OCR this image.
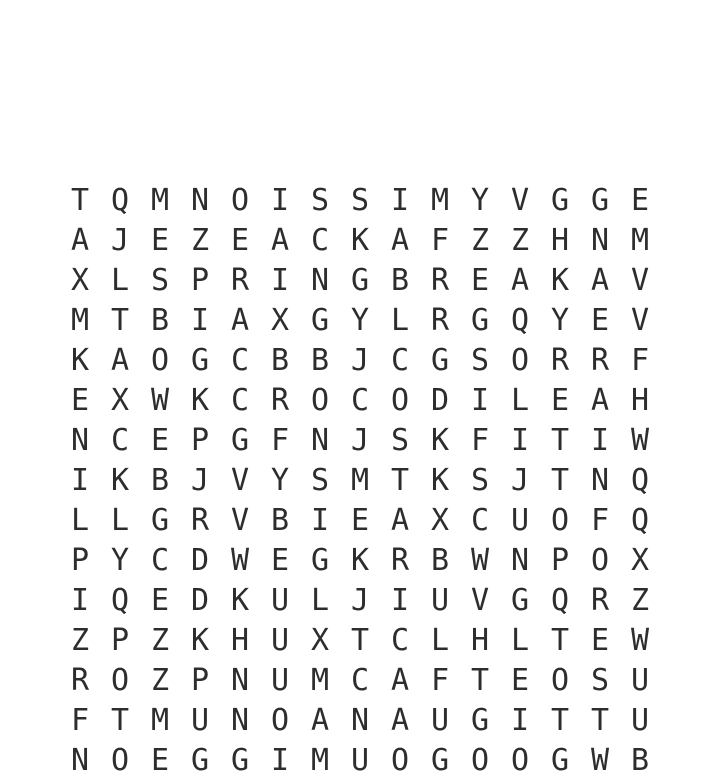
T Q M N O I S S I M Y V G G E
A J E Z E A C K A F Z Z H N M
X L S P R I N G B R E A K A V
M T B I A X G Y L R G Q Y E V
K A O G C B B J C G S O R R F
E X W K C R O C O D I L E A H
N C E P G F N J S K F I T I W
I K B J V Y S M T K S J T N Q
L L G R V B I E A X C U O F Q
P Y C D W E G K R B W N P O X
I Q E D K U L J I U V G Q R Z
Z P Z K H U X T C L H L T E W
R O Z P N U M C A F T E O S U
F T M U N O A N A U G I T T U
N O E G G I M U O G O O G W B
